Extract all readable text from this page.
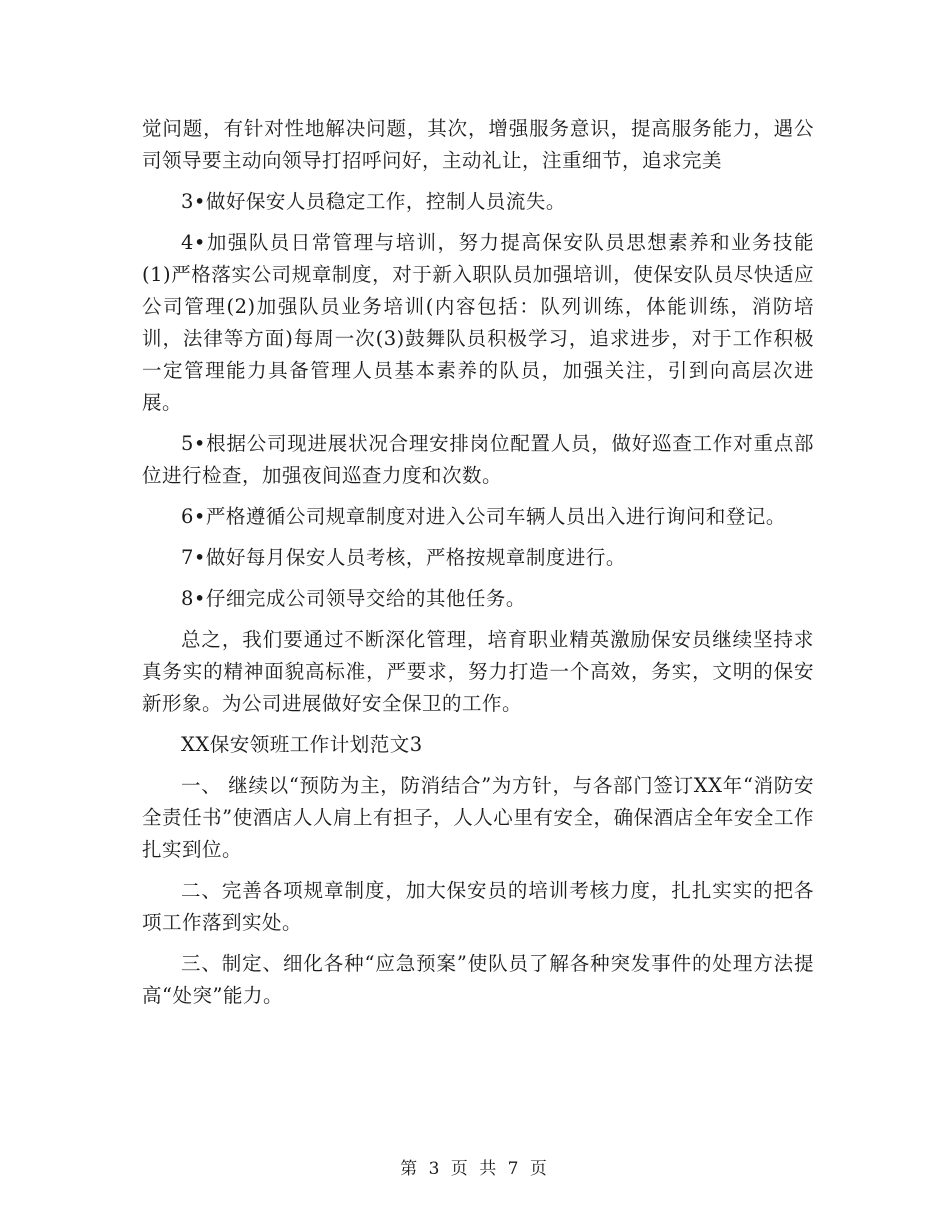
觉问题，有针对性地解决问题，其次，增强服务意识，提高服务能力，遇公司领导要主动向领导打招呼问好，主动礼让，注重细节，追求完美

3•做好保安人员稳定工作，控制人员流失。

4•加强队员日常管理与培训，努力提高保安队员思想素养和业务技能(1)严格落实公司规章制度，对于新入职队员加强培训，使保安队员尽快适应公司管理(2)加强队员业务培训(内容包括：队列训练，体能训练，消防培训，法律等方面)每周一次(3)鼓舞队员积极学习，追求进步，对于工作积极一定管理能力具备管理人员基本素养的队员，加强关注，引到向高层次进展。

5•根据公司现进展状况合理安排岗位配置人员，做好巡查工作对重点部位进行检查，加强夜间巡查力度和次数。

6•严格遵循公司规章制度对进入公司车辆人员出入进行询问和登记。

7•做好每月保安人员考核，严格按规章制度进行。

8•仔细完成公司领导交给的其他任务。

总之，我们要通过不断深化管理，培育职业精英激励保安员继续坚持求真务实的精神面貌高标准，严要求，努力打造一个高效，务实，文明的保安新形象。为公司进展做好安全保卫的工作。

XX保安领班工作计划范文3

一、 继续以“预防为主，防消结合”为方针，与各部门签订XX年“消防安全责任书”使酒店人人肩上有担子，人人心里有安全，确保酒店全年安全工作扎实到位。

二、完善各项规章制度，加大保安员的培训考核力度，扎扎实实的把各项工作落到实处。

三、制定、细化各种“应急预案”使队员了解各种突发事件的处理方法提高“处突”能力。

第 3 页 共 7 页
